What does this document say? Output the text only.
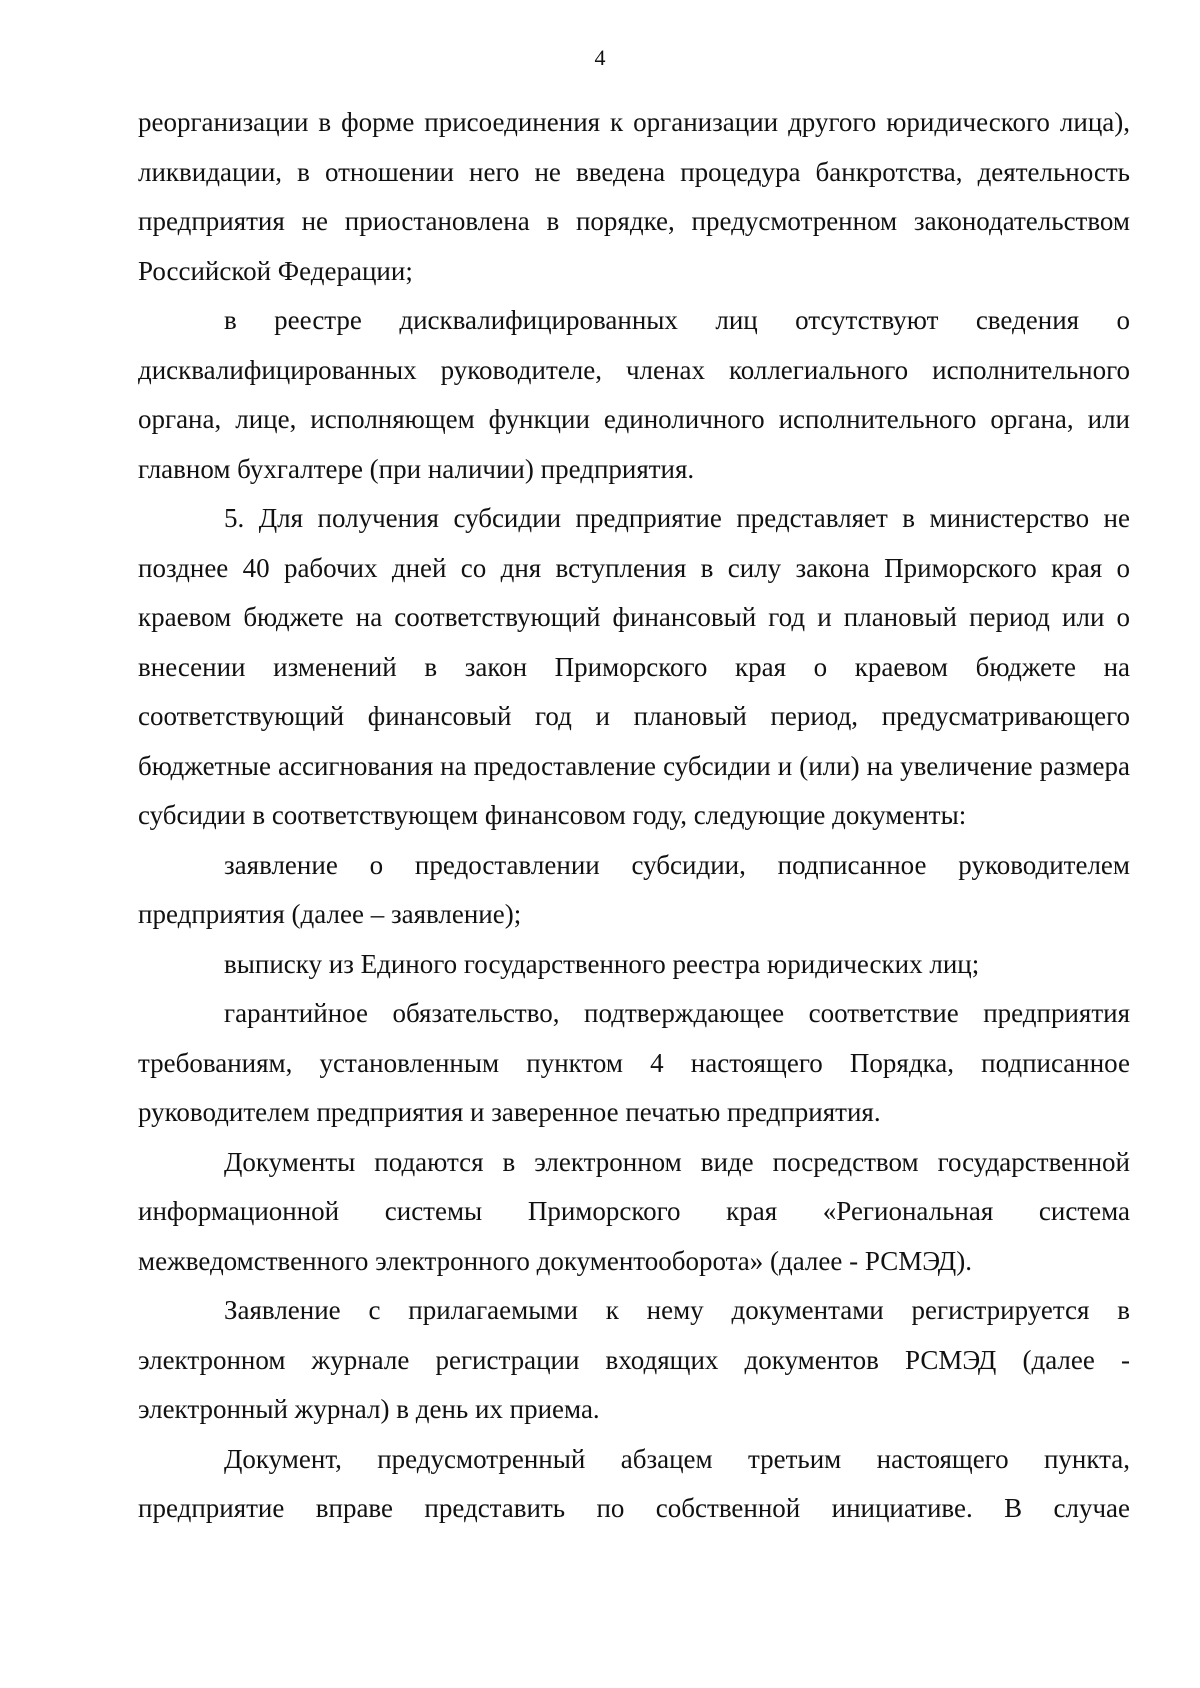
4

реорганизации в форме присоединения к организации другого юридического лица), ликвидации, в отношении него не введена процедура банкротства, деятельность предприятия не приостановлена в порядке, предусмотренном законодательством Российской Федерации;

в реестре дисквалифицированных лиц отсутствуют сведения о дисквалифицированных руководителе, членах коллегиального исполнительного органа, лице, исполняющем функции единоличного исполнительного органа, или главном бухгалтере (при наличии) предприятия.

5. Для получения субсидии предприятие представляет в министерство не позднее 40 рабочих дней со дня вступления в силу закона Приморского края о краевом бюджете на соответствующий финансовый год и плановый период или о внесении изменений в закон Приморского края о краевом бюджете на соответствующий финансовый год и плановый период, предусматривающего бюджетные ассигнования на предоставление субсидии и (или) на увеличение размера субсидии в соответствующем финансовом году, следующие документы:

заявление о предоставлении субсидии, подписанное руководителем предприятия (далее – заявление);

выписку из Единого государственного реестра юридических лиц;

гарантийное обязательство, подтверждающее соответствие предприятия требованиям, установленным пунктом 4 настоящего Порядка, подписанное руководителем предприятия и заверенное печатью предприятия.

Документы подаются в электронном виде посредством государственной информационной системы Приморского края «Региональная система межведомственного электронного документооборота» (далее - РСМЭД).

Заявление с прилагаемыми к нему документами регистрируется в электронном журнале регистрации входящих документов РСМЭД (далее - электронный журнал) в день их приема.

Документ, предусмотренный абзацем третьим настоящего пункта, предприятие вправе представить по собственной инициативе. В случае
